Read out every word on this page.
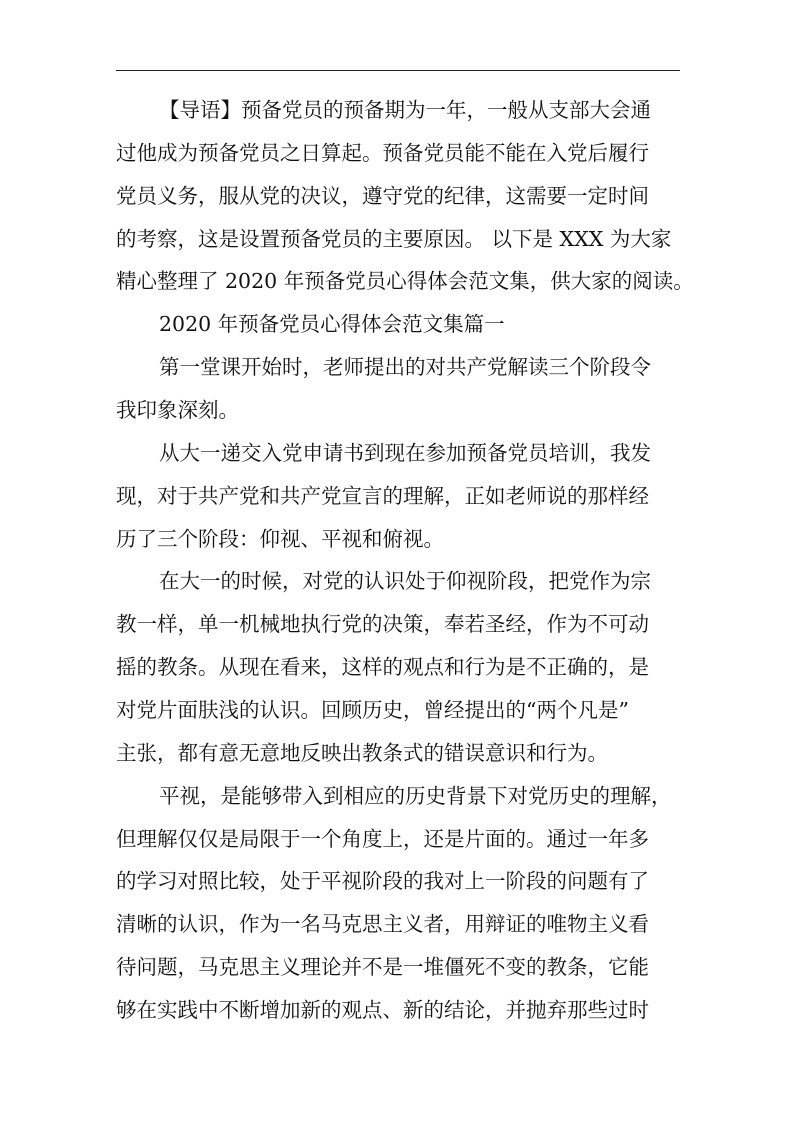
【导语】预备党员的预备期为一年，一般从支部大会通
过他成为预备党员之日算起。预备党员能不能在入党后履行
党员义务，服从党的决议，遵守党的纪律，这需要一定时间
的考察，这是设置预备党员的主要原因。 以下是 XXX 为大家
精心整理了 2020 年预备党员心得体会范文集，供大家的阅读。
2020 年预备党员心得体会范文集篇一
第一堂课开始时，老师提出的对共产党解读三个阶段令
我印象深刻。
从大一递交入党申请书到现在参加预备党员培训，我发
现，对于共产党和共产党宣言的理解，正如老师说的那样经
历了三个阶段：仰视、平视和俯视。
在大一的时候，对党的认识处于仰视阶段，把党作为宗
教一样，单一机械地执行党的决策，奉若圣经，作为不可动
摇的教条。从现在看来，这样的观点和行为是不正确的，是
对党片面肤浅的认识。回顾历史，曾经提出的“两个凡是”
主张，都有意无意地反映出教条式的错误意识和行为。
平视，是能够带入到相应的历史背景下对党历史的理解，
但理解仅仅是局限于一个角度上，还是片面的。通过一年多
的学习对照比较，处于平视阶段的我对上一阶段的问题有了
清晰的认识，作为一名马克思主义者，用辩证的唯物主义看
待问题，马克思主义理论并不是一堆僵死不变的教条，它能
够在实践中不断增加新的观点、新的结论，并抛弃那些过时
